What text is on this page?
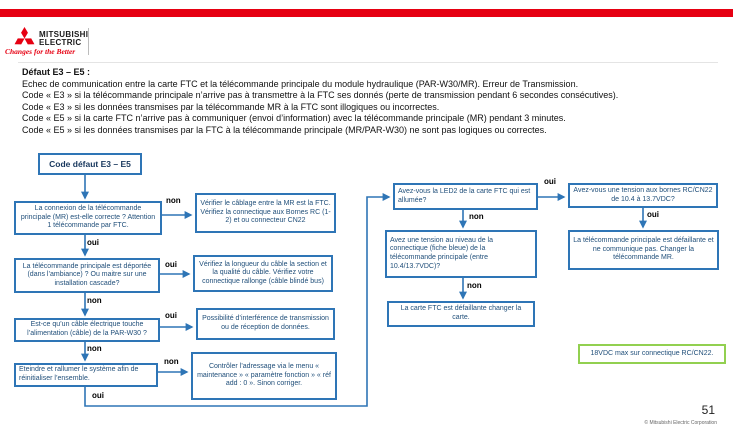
MITSUBISHI
ELECTRIC
Changes for the Better
Défaut E3 – E5 :
Echec de communication entre la carte FTC et la télécommande principale du module hydraulique (PAR-W30/MR). Erreur de Transmission.
Code « E3 » si la télécommande principale n’arrive pas à transmettre à la FTC ses donnés (perte de transmission pendant 6 secondes consécutives).
Code « E3 » si les données transmises par la télécommande MR à la FTC sont illogiques ou incorrectes.
Code « E5 » si la carte FTC n’arrive pas à communiquer (envoi d’information) avec la télécommande principale (MR) pendant 3 minutes.
Code « E5 » si les données transmises par la FTC à la télécommande principale (MR/PAR-W30) ne sont pas logiques ou correctes.
Code défaut E3 – E5
La connexion de la télécommande principale (MR) est-elle correcte ? Attention 1 télécommande par FTC.
Vérifier le câblage entre la MR est la FTC. Vérifiez la connectique aux Bornes RC (1-2) et ou connecteur CN22
La télécommande principale est déportée (dans l’ambiance) ? Ou maitre sur une installation cascade?
Vérifiez la longueur du câble la section et la qualité du câble. Vérifiez votre connectique rallonge (câble blindé bus)
Est-ce qu’un câble électrique touche l’alimentation (câble) de la PAR-W30 ?
Possibilité d’interférence de transmission ou de réception de données.
Eteindre et rallumer le système afin de réinitialiser l’ensemble.
Contrôler l’adressage via le menu « maintenance » « paramètre fonction » « réf add : 0 ». Sinon corriger.
Avez-vous la LED2 de la carte FTC qui est allumée?
Avez une tension au niveau de la connectique (fiche bleue) de la télécommande principale (entre 10.4/13.7VDC)?
La carte FTC est défaillante changer la carte.
Avez-vous une tension aux bornes RC/CN22 de 10.4 à 13.7VDC?
La télécommande principale est défaillante et ne communique pas. Changer la télécommande MR.
18VDC max sur connectique RC/CN22.
non
oui
oui
non
oui
non
non
oui
oui
non
non
oui
51
© Mitsubishi Electric Corporation
